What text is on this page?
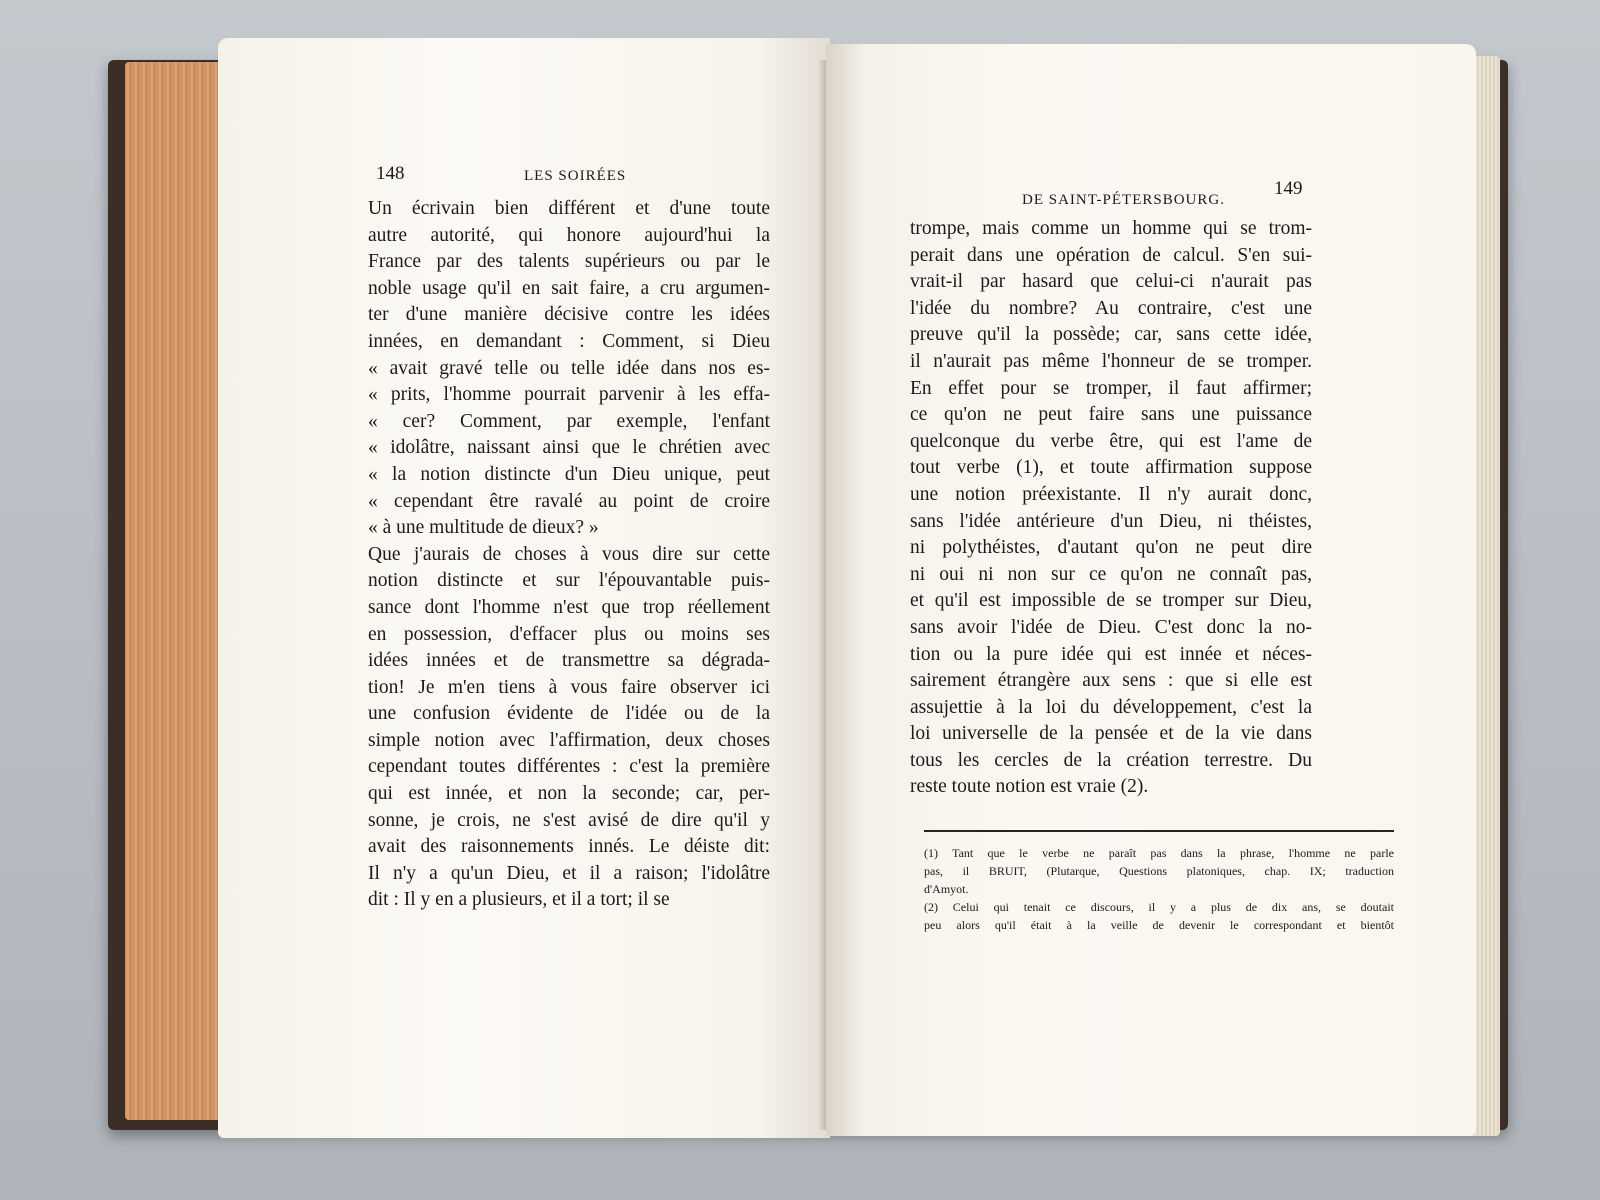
148	LES SOIRÉES
Un écrivain bien différent et d'une toute
autre autorité, qui honore aujourd'hui la
France par des talents supérieurs ou par le
noble usage qu'il en sait faire, a cru argumen-
ter d'une manière décisive contre les idées
innées, en demandant : Comment, si Dieu
« avait gravé telle ou telle idée dans nos es-
« prits, l'homme pourrait parvenir à les effa-
« cer? Comment, par exemple, l'enfant
« idolâtre, naissant ainsi que le chrétien avec
« la notion distincte d'un Dieu unique, peut
« cependant être ravalé au point de croire
« à une multitude de dieux? »
Que j'aurais de choses à vous dire sur cette
notion distincte et sur l'épouvantable puis-
sance dont l'homme n'est que trop réellement
en possession, d'effacer plus ou moins ses
idées innées et de transmettre sa dégrada-
tion! Je m'en tiens à vous faire observer ici
une confusion évidente de l'idée ou de la
simple notion avec l'affirmation, deux choses
cependant toutes différentes : c'est la première
qui est innée, et non la seconde; car, per-
sonne, je crois, ne s'est avisé de dire qu'il y
avait des raisonnements innés. Le déiste dit:
Il n'y a qu'un Dieu, et il a raison; l'idolâtre
dit : Il y en a plusieurs, et il a tort; il se
DE SAINT-PÉTERSBOURG.
149
trompe, mais comme un homme qui se trom-
perait dans une opération de calcul. S'en sui-
vrait-il par hasard que celui-ci n'aurait pas
l'idée du nombre? Au contraire, c'est une
preuve qu'il la possède; car, sans cette idée,
il n'aurait pas même l'honneur de se tromper.
En effet pour se tromper, il faut affirmer;
ce qu'on ne peut faire sans une puissance
quelconque du verbe être, qui est l'ame de
tout verbe (1), et toute affirmation suppose
une notion préexistante. Il n'y aurait donc,
sans l'idée antérieure d'un Dieu, ni théistes,
ni polythéistes, d'autant qu'on ne peut dire
ni oui ni non sur ce qu'on ne connaît pas,
et qu'il est impossible de se tromper sur Dieu,
sans avoir l'idée de Dieu. C'est donc la no-
tion ou la pure idée qui est innée et néces-
sairement étrangère aux sens : que si elle est
assujettie à la loi du développement, c'est la
loi universelle de la pensée et de la vie dans
tous les cercles de la création terrestre. Du
reste toute notion est vraie (2).
(1) Tant que le verbe ne paraît pas dans la phrase, l'homme ne parle
pas, il BRUIT, (Plutarque, Questions platoniques, chap. IX; traduction
d'Amyot.
(2) Celui qui tenait ce discours, il y a plus de dix ans, se doutait
peu alors qu'il était à la veille de devenir le correspondant et bientôt
